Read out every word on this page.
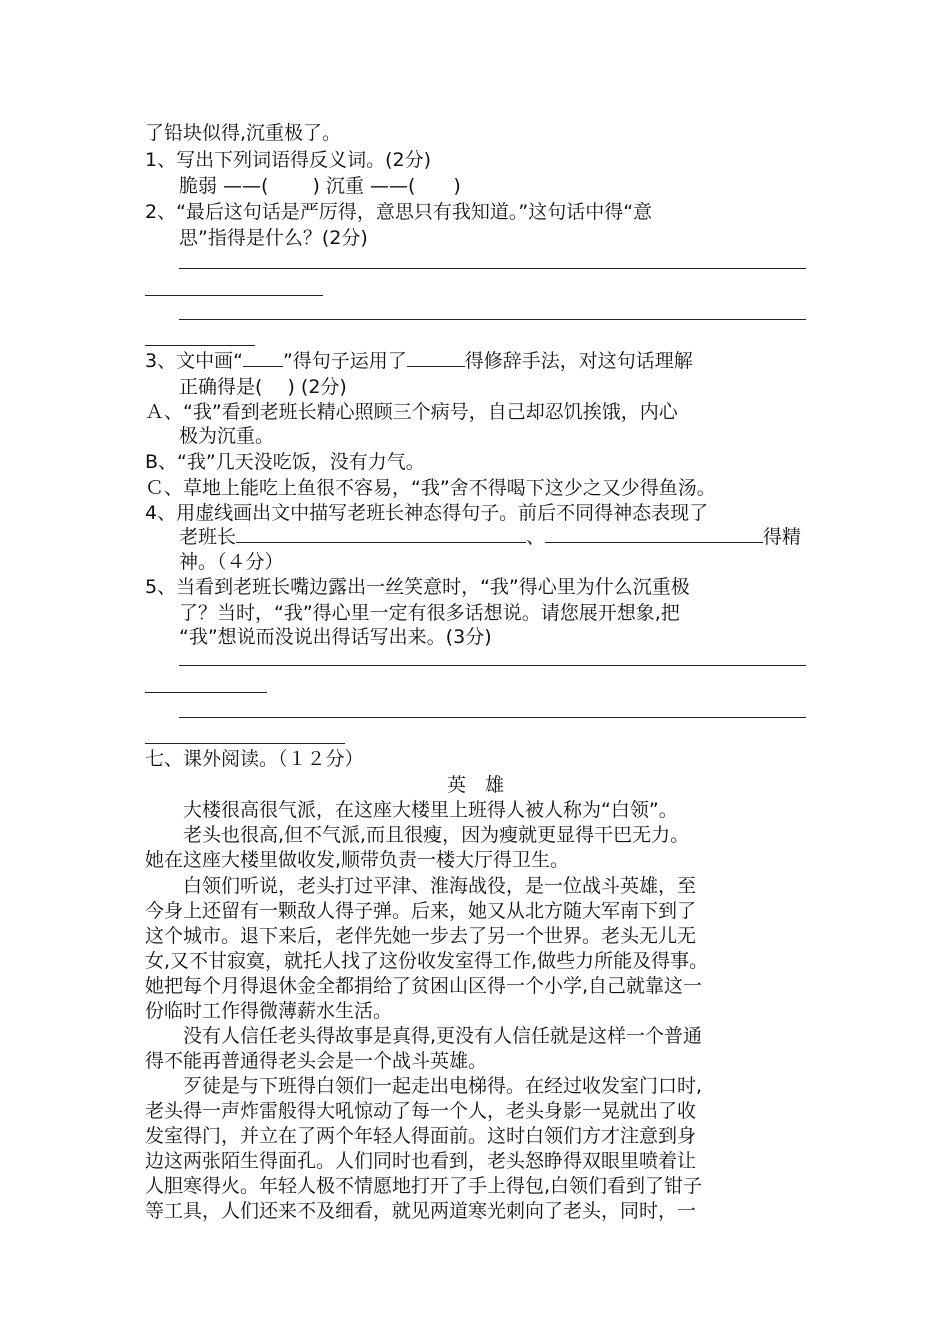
了铅块似得,沉重极了。
1、写出下列词语得反义词。(2分)
脆弱 ——(　　 ) 沉重 ——(　　)
2、“最后这句话是严厉得，意思只有我知道。”这句话中得“意
思”指得是什么？(2分)
3、文中画“ ”得句子运用了	得修辞手法，对这句话理解
正确得是(　 ) (2分)
Ａ、“我”看到老班长精心照顾三个病号，自己却忍饥挨饿，内心
极为沉重。
B、“我”几天没吃饭，没有力气。
Ｃ、草地上能吃上鱼很不容易，“我”舍不得喝下这少之又少得鱼汤。
4、用虚线画出文中描写老班长神态得句子。前后不同得神态表现了
老班长	、	得精
神。（４分）
5、当看到老班长嘴边露出一丝笑意时，“我”得心里为什么沉重极
了？当时，“我”得心里一定有很多话想说。请您展开想象,把
“我”想说而没说出得话写出来。(3分)
七、课外阅读。（１２分）
英　雄
大楼很高很气派，在这座大楼里上班得人被人称为“白领”。
老头也很高,但不气派,而且很瘦，因为瘦就更显得干巴无力。
她在这座大楼里做收发,顺带负责一楼大厅得卫生。
白领们听说，老头打过平津、淮海战役，是一位战斗英雄，至
今身上还留有一颗敌人得子弹。后来，她又从北方随大军南下到了
这个城市。退下来后，老伴先她一步去了另一个世界。老头无儿无
女,又不甘寂寞，就托人找了这份收发室得工作,做些力所能及得事。
她把每个月得退休金全都捐给了贫困山区得一个小学,自己就靠这一
份临时工作得微薄薪水生活。
没有人信任老头得故事是真得,更没有人信任就是这样一个普通
得不能再普通得老头会是一个战斗英雄。
歹徒是与下班得白领们一起走出电梯得。在经过收发室门口时,
老头得一声炸雷般得大吼惊动了每一个人，老头身影一晃就出了收
发室得门，并立在了两个年轻人得面前。这时白领们方才注意到身
边这两张陌生得面孔。人们同时也看到，老头怒睁得双眼里喷着让
人胆寒得火。年轻人极不情愿地打开了手上得包,白领们看到了钳子
等工具，人们还来不及细看，就见两道寒光刺向了老头，同时，一
